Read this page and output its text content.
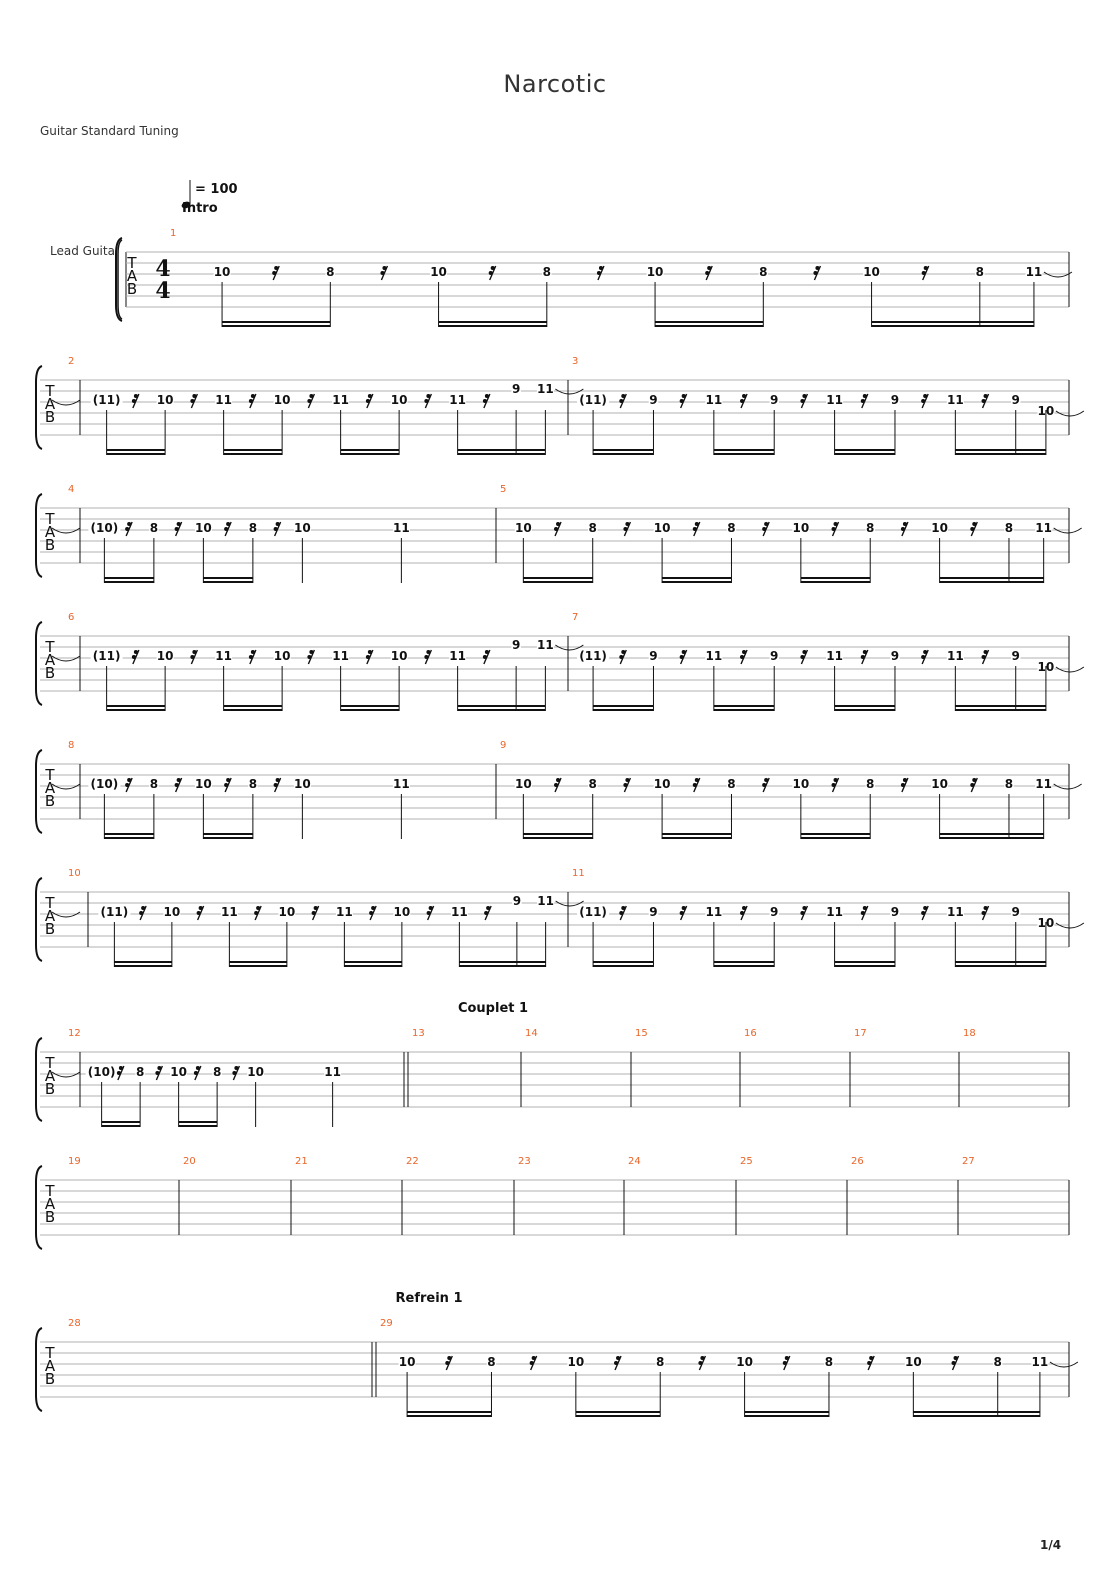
Narcotic
Guitar Standard Tuning
1/4
= 100
Intro
Couplet 1
Refrein 1
Lead Guita
T
A
B
4
4
1
10	8	10	8	10	8	10	8	11
T
A
B
2
(11)	10	11	10	11	10	11
9 11
3
(11)	9	11	9	11	9	11	9
10
T
A
B
4
(10)	8	10	8	10	11
5
10	8	10	8	10	8	10	8 11
T
A
B
6
(11)	10	11	10	11	10	11
9 11
7
(11)	9	11	9	11	9	11	9
10
T
A
B
8
(10)	8	10	8	10	11
9
10	8	10	8	10	8	10	8 11
T
A
B
10
(11)	10	11	10	11	10	11
9 11
11
(11)	9	11	9	11	9	11	9
10
T
A
B
12
(10) 8 10 8 10	11
13	14	15	16	17	18
T
A
B
19	20	21	22	23	24	25	26	27
T
A
B
28	29
10	8	10	8	10	8	10	8 11
